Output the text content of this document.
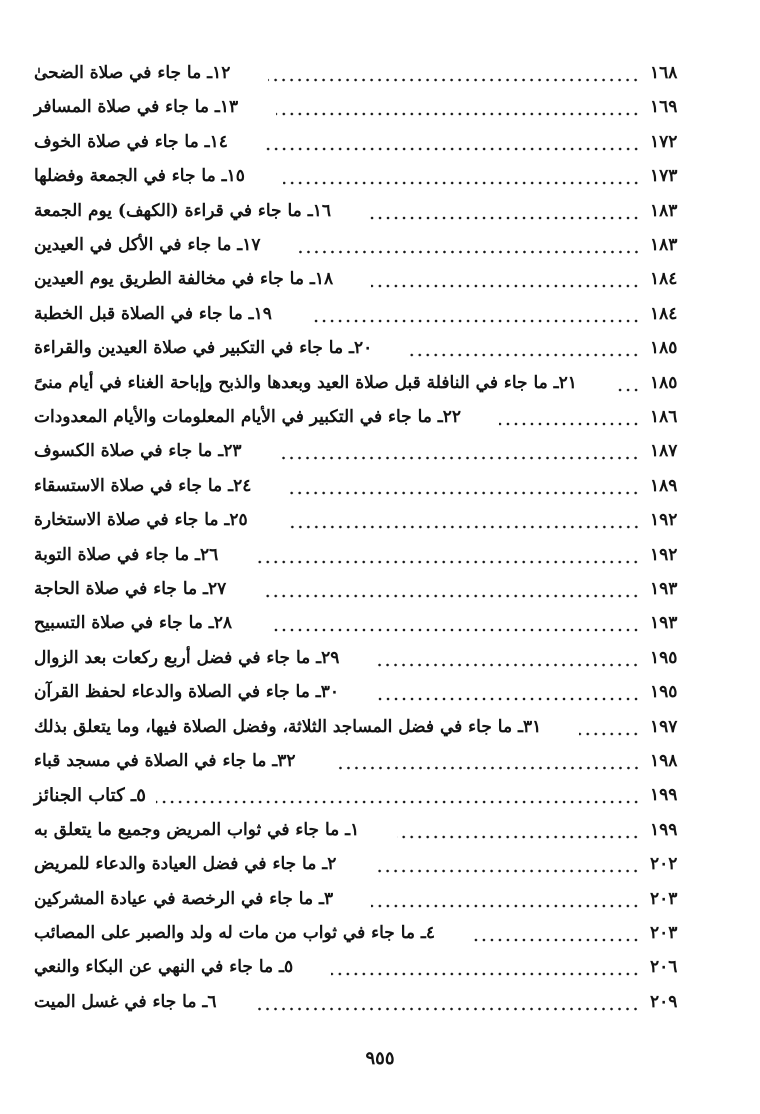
١٢ـ ما جاء في صلاة الضحىٰ	١٦٨
١٣ـ ما جاء في صلاة المسافر	١٦٩
١٤ـ ما جاء في صلاة الخوف	١٧٢
١٥ـ ما جاء في الجمعة وفضلها	١٧٣
١٦ـ ما جاء في قراءة (الكهف) يوم الجمعة	١٨٣
١٧ـ ما جاء في الأكل في العيدين	١٨٣
١٨ـ ما جاء في مخالفة الطريق يوم العيدين	١٨٤
١٩ـ ما جاء في الصلاة قبل الخطبة	١٨٤
٢٠ـ ما جاء في التكبير في صلاة العيدين والقراءة	١٨٥
٢١ـ ما جاء في النافلة قبل صلاة العيد وبعدها والذبح وإباحة الغناء في أيام منىً	١٨٥
٢٢ـ ما جاء في التكبير في الأيام المعلومات والأيام المعدودات	١٨٦
٢٣ـ ما جاء في صلاة الكسوف	١٨٧
٢٤ـ ما جاء في صلاة الاستسقاء	١٨٩
٢٥ـ ما جاء في صلاة الاستخارة	١٩٢
٢٦ـ ما جاء في صلاة التوبة	١٩٢
٢٧ـ ما جاء في صلاة الحاجة	١٩٣
٢٨ـ ما جاء في صلاة التسبيح	١٩٣
٢٩ـ ما جاء في فضل أربع ركعات بعد الزوال	١٩٥
٣٠ـ ما جاء في الصلاة والدعاء لحفظ القرآن	١٩٥
٣١ـ ما جاء في فضل المساجد الثلاثة، وفضل الصلاة فيها، وما يتعلق بذلك	١٩٧
٣٢ـ ما جاء في الصلاة في مسجد قباء	١٩٨
٥ـ كتاب الجنائز	١٩٩
١ـ ما جاء في ثواب المريض وجميع ما يتعلق به	١٩٩
٢ـ ما جاء في فضل العيادة والدعاء للمريض	٢٠٢
٣ـ ما جاء في الرخصة في عيادة المشركين	٢٠٣
٤ـ ما جاء في ثواب من مات له ولد والصبر على المصائب	٢٠٣
٥ـ ما جاء في النهي عن البكاء والنعي	٢٠٦
٦ـ ما جاء في غسل الميت	٢٠٩
٩٥٥
